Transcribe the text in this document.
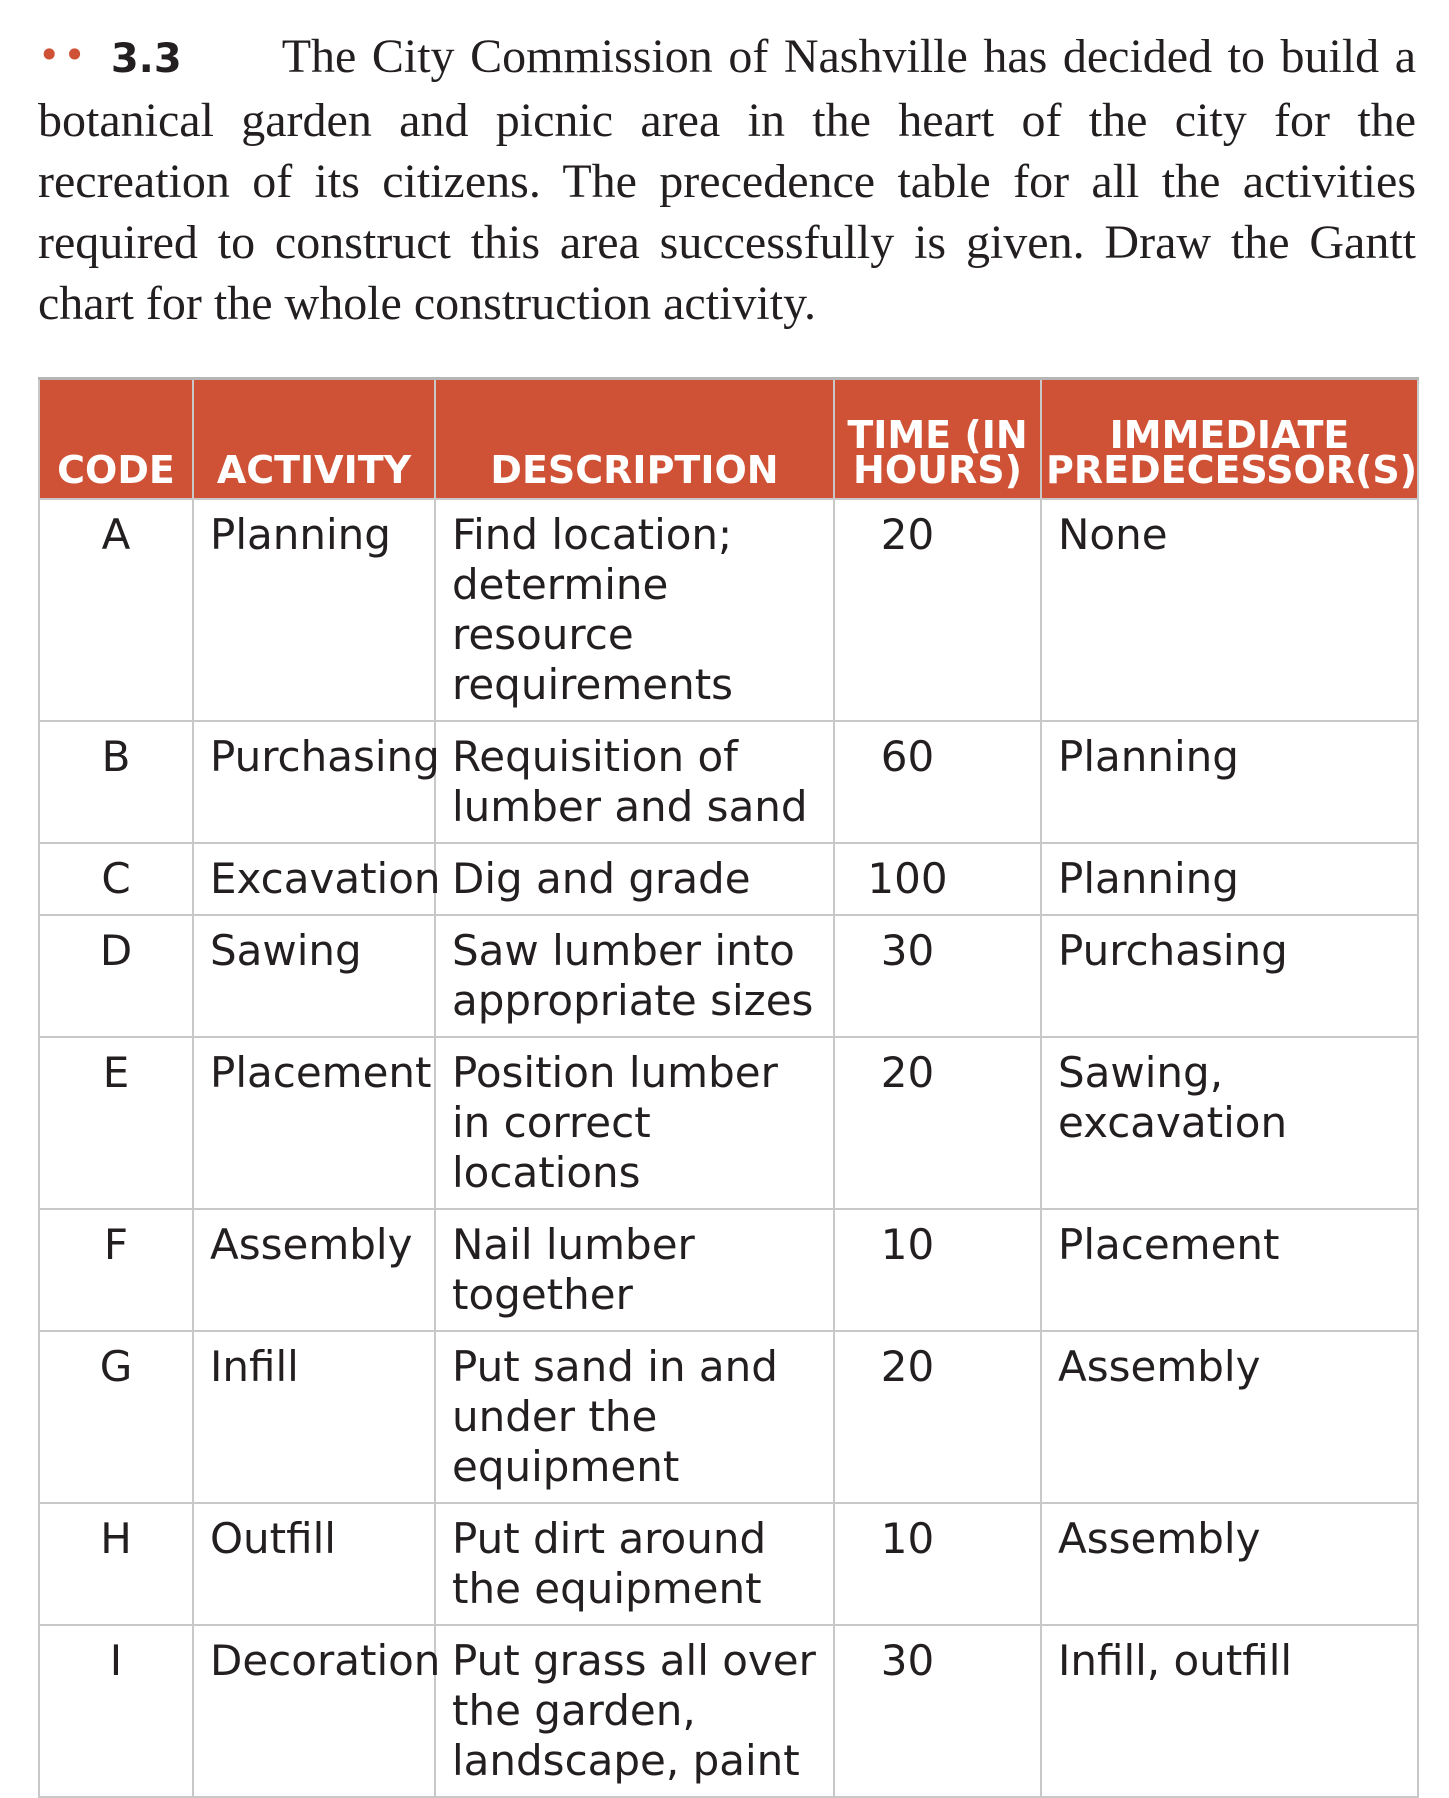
•• 3.3 The City Commission of Nashville has decided to build a botanical garden and picnic area in the heart of the city for the recreation of its citizens. The precedence table for all the activities required to construct this area successfully is given. Draw the Gantt chart for the whole construction activity.
CODE	ACTIVITY	DESCRIPTION	TIME (IN HOURS)	IMMEDIATE PREDECESSOR(S)
A	Planning	Find location; determine resource requirements	20	None
B	Purchasing	Requisition of lumber and sand	60	Planning
C	Excavation	Dig and grade	100	Planning
D	Sawing	Saw lumber into appropriate sizes	30	Purchasing
E	Placement	Position lumber in correct locations	20	Sawing, excavation
F	Assembly	Nail lumber together	10	Placement
G	Infill	Put sand in and under the equipment	20	Assembly
H	Outfill	Put dirt around the equipment	10	Assembly
I	Decoration	Put grass all over the garden, landscape, paint	30	Infill, outfill
